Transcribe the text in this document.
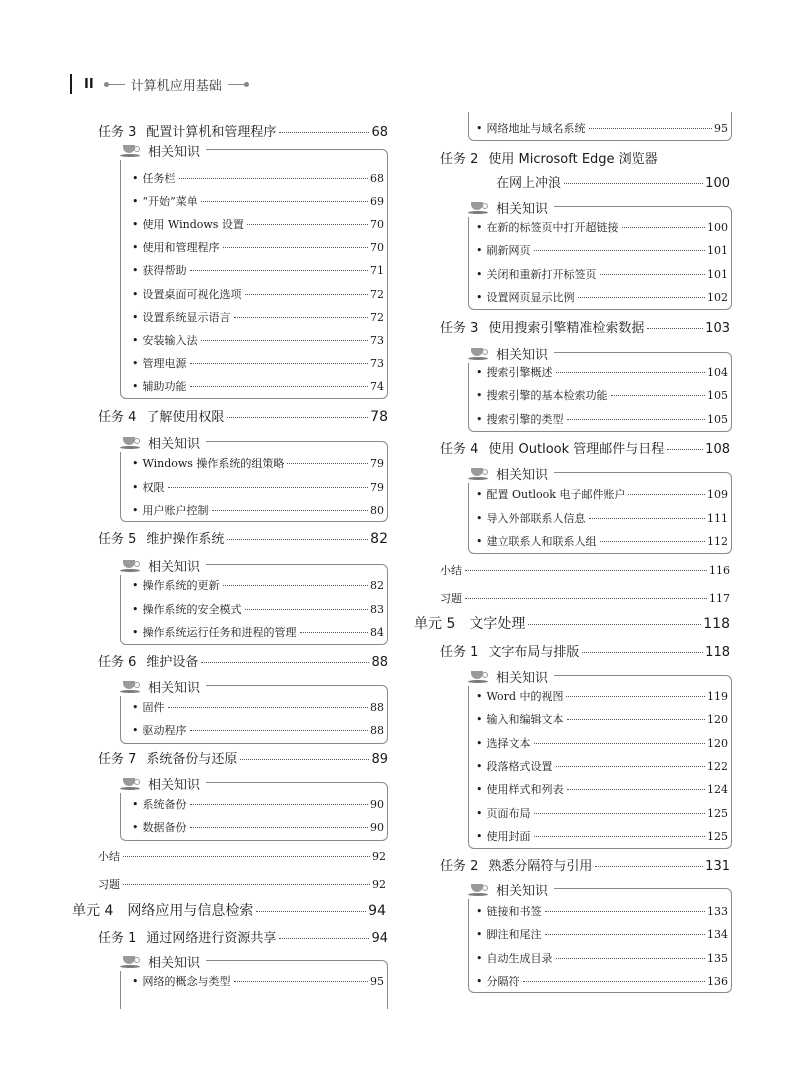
II	计算机应用基础
任务 3 配置计算机和管理程序	68
相关知识
• 任务栏	68
• “开始”菜单	69
• 使用 Windows 设置	70
• 使用和管理程序	70
• 获得帮助	71
• 设置桌面可视化选项	72
• 设置系统显示语言	72
• 安装输入法	73
• 管理电源	73
• 辅助功能	74
任务 4 了解使用权限	78
相关知识
• Windows 操作系统的组策略	79
• 权限	79
• 用户账户控制	80
任务 5 维护操作系统	82
相关知识
• 操作系统的更新	82
• 操作系统的安全模式	83
• 操作系统运行任务和进程的管理	84
任务 6 维护设备	88
相关知识
• 固件	88
• 驱动程序	88
任务 7 系统备份与还原	89
相关知识
• 系统备份	90
• 数据备份	90
小结	92
习题	92
单元 4 网络应用与信息检索	94
任务 1 通过网络进行资源共享	94
相关知识
• 网络的概念与类型	95
• 网络地址与域名系统	95
任务 2 使用 Microsoft Edge 浏览器
在网上冲浪	100
相关知识
• 在新的标签页中打开超链接	100
• 刷新网页	101
• 关闭和重新打开标签页	101
• 设置网页显示比例	102
任务 3 使用搜索引擎精准检索数据	103
相关知识
• 搜索引擎概述	104
• 搜索引擎的基本检索功能	105
• 搜索引擎的类型	105
任务 4 使用 Outlook 管理邮件与日程	108
相关知识
• 配置 Outlook 电子邮件账户	109
• 导入外部联系人信息	111
• 建立联系人和联系人组	112
小结	116
习题	117
单元 5 文字处理	118
任务 1 文字布局与排版	118
相关知识
• Word 中的视图	119
• 输入和编辑文本	120
• 选择文本	120
• 段落格式设置	122
• 使用样式和列表	124
• 页面布局	125
• 使用封面	125
任务 2 熟悉分隔符与引用	131
相关知识
• 链接和书签	133
• 脚注和尾注	134
• 自动生成目录	135
• 分隔符	136
